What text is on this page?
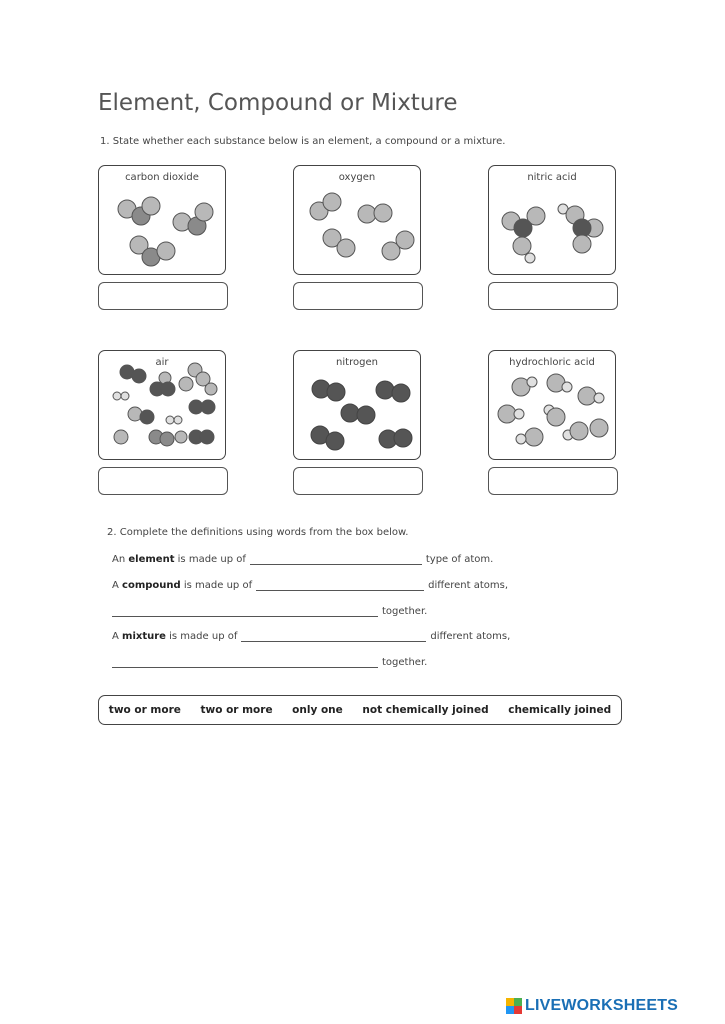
Element, Compound or Mixture
1. State whether each substance below is an element, a compound or a mixture.
carbon dioxide	oxygen	nitric acid
air	nitrogen	hydrochloric acid
2. Complete the definitions using words from the box below.
An
element
is made up of	type of atom.
A
compound
is made up of	different atoms,
together.
A
mixture
is made up of	different atoms,
together.
two or more two or more only one not chemically joined chemically joined
LIVEWORKSHEETS
